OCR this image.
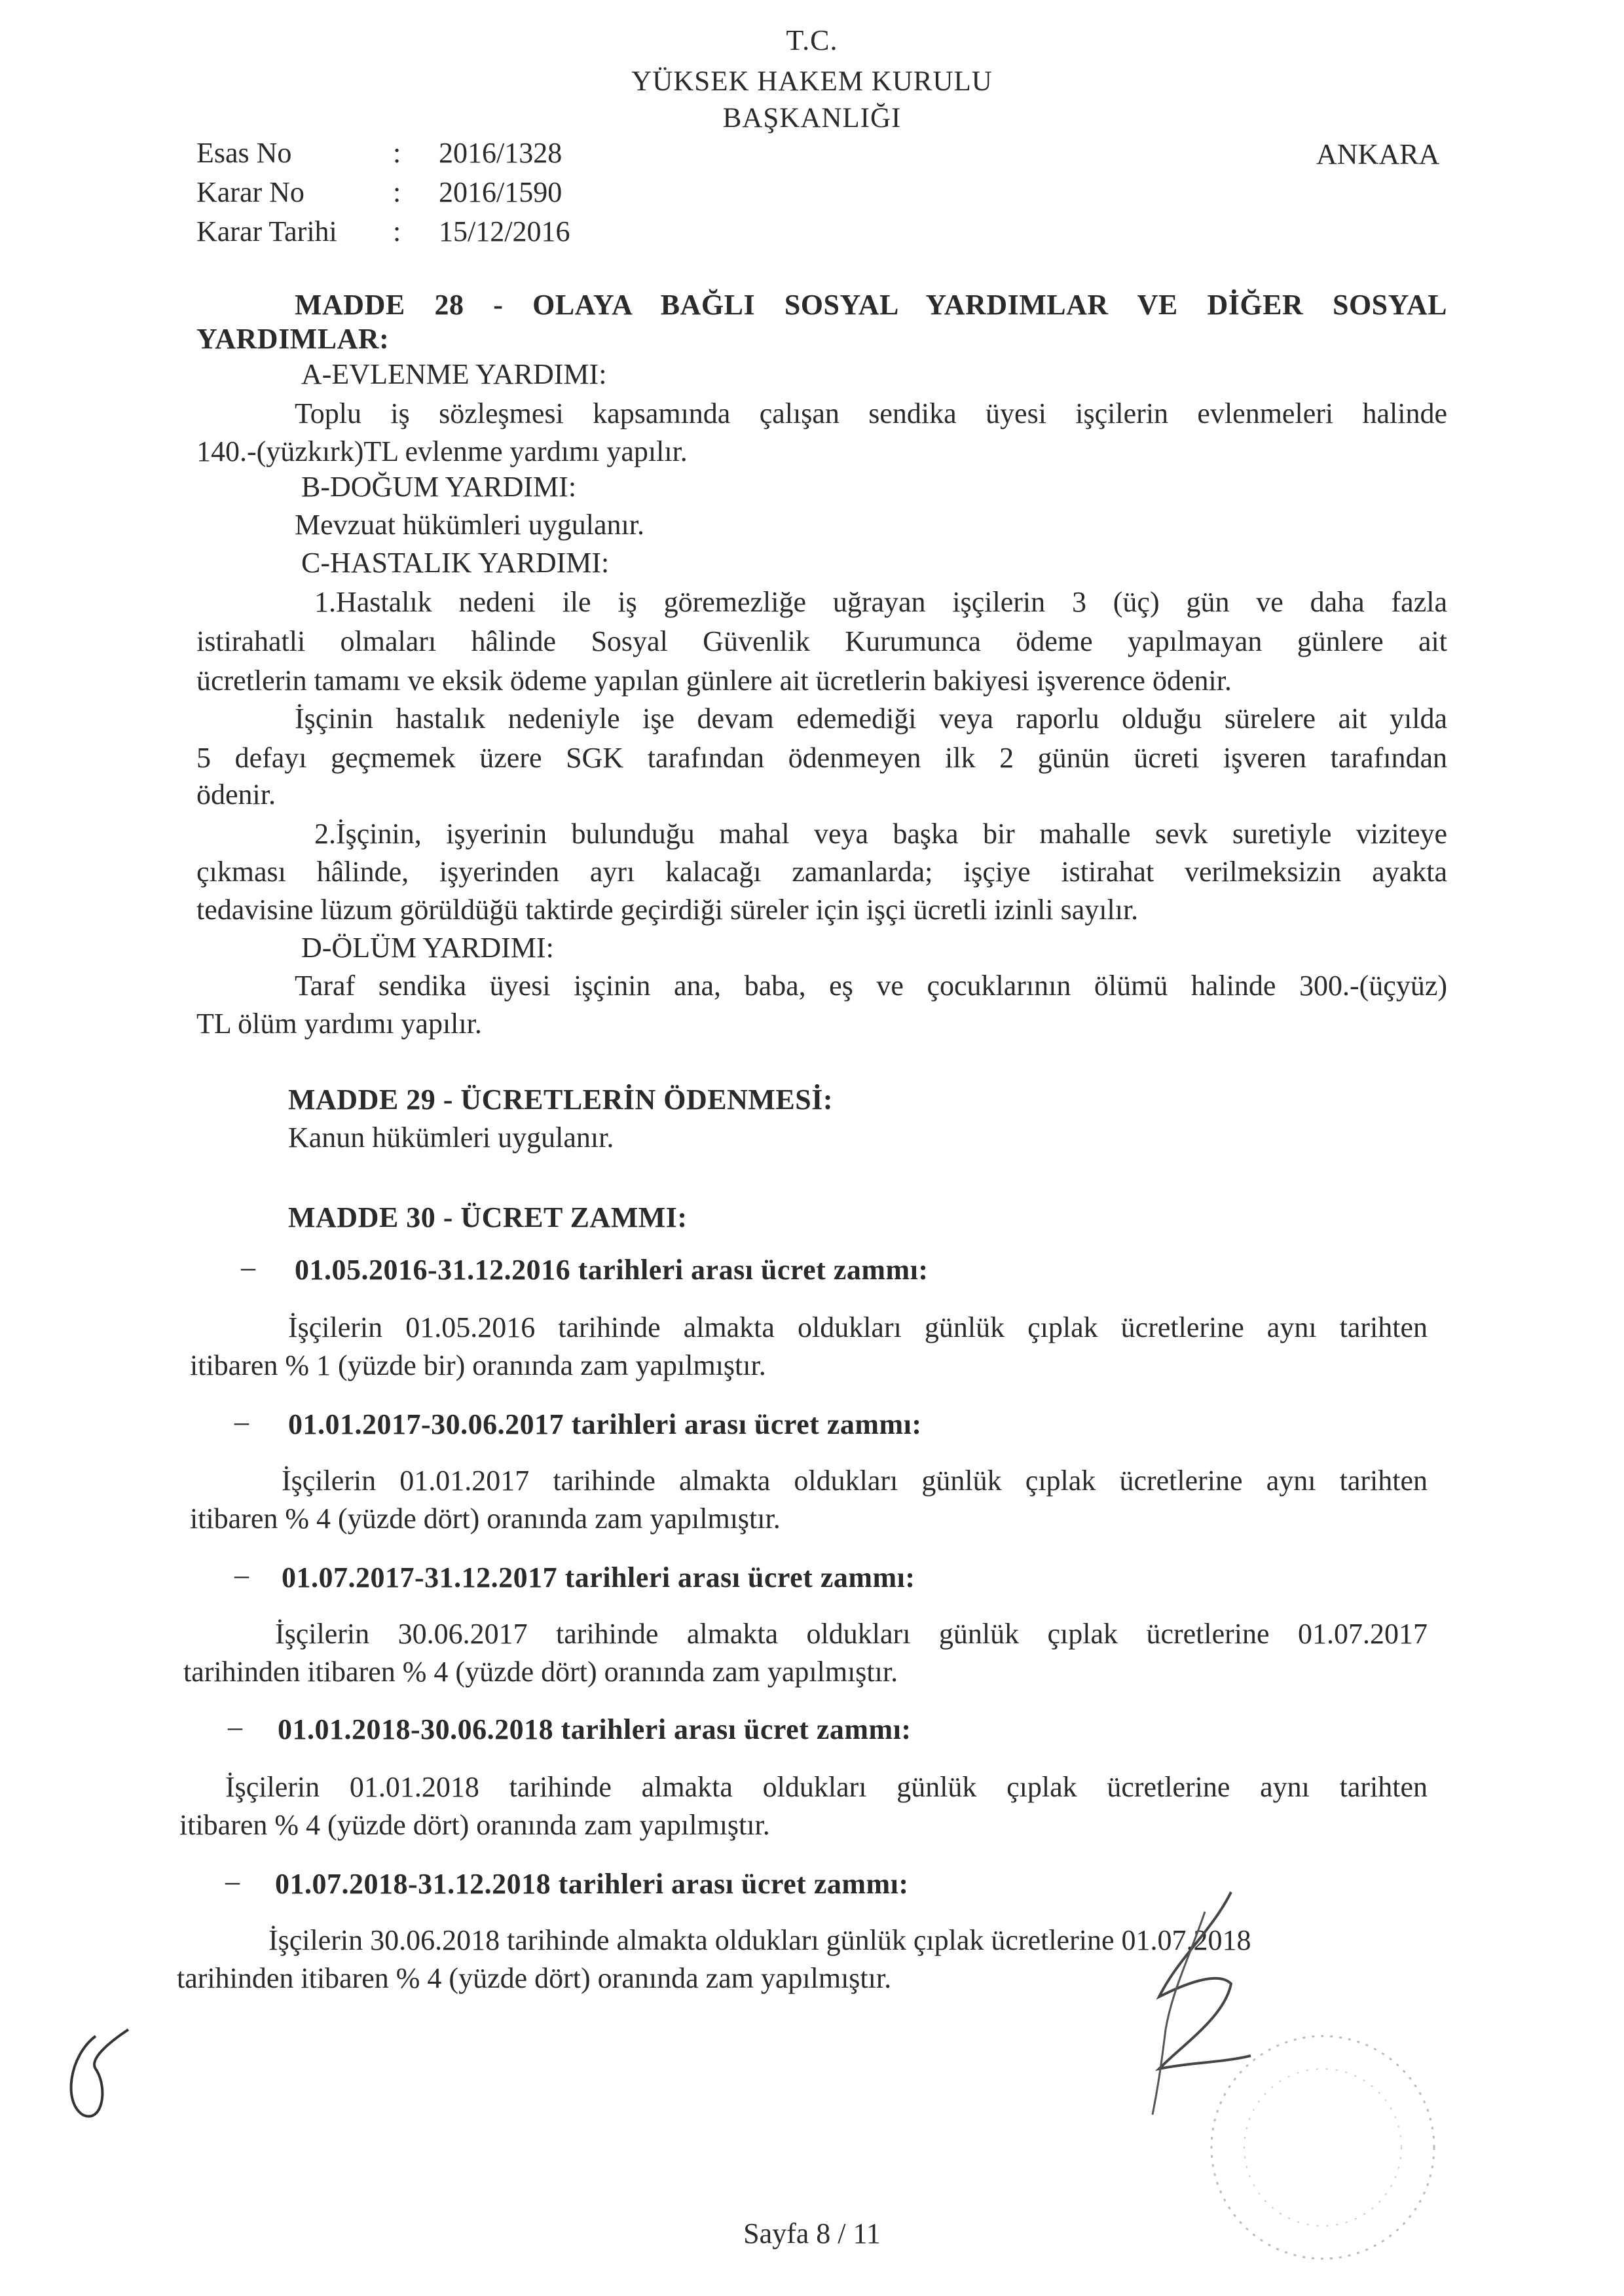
T.C.
YÜKSEK HAKEM KURULU
BAŞKANLIĞI
ANKARA
Esas No	:	2016/1328
Karar No	:	2016/1590
Karar Tarihi	:	15/12/2016
MADDE 28 - OLAYA BAĞLI SOSYAL YARDIMLAR VE DİĞER SOSYAL
YARDIMLAR:
A-EVLENME YARDIMI:
Toplu iş sözleşmesi kapsamında çalışan sendika üyesi işçilerin evlenmeleri halinde
140.-(yüzkırk)TL evlenme yardımı yapılır.
B-DOĞUM YARDIMI:
Mevzuat hükümleri uygulanır.
C-HASTALIK YARDIMI:
1.Hastalık nedeni ile iş göremezliğe uğrayan işçilerin 3 (üç) gün ve daha fazla
istirahatli olmaları hâlinde Sosyal Güvenlik Kurumunca ödeme yapılmayan günlere ait
ücretlerin tamamı ve eksik ödeme yapılan günlere ait ücretlerin bakiyesi işverence ödenir.
İşçinin hastalık nedeniyle işe devam edemediği veya raporlu olduğu sürelere ait yılda
5 defayı geçmemek üzere SGK tarafından ödenmeyen ilk 2 günün ücreti işveren tarafından
ödenir.
2.İşçinin, işyerinin bulunduğu mahal veya başka bir mahalle sevk suretiyle viziteye
çıkması hâlinde, işyerinden ayrı kalacağı zamanlarda; işçiye istirahat verilmeksizin ayakta
tedavisine lüzum görüldüğü taktirde geçirdiği süreler için işçi ücretli izinli sayılır.
D-ÖLÜM YARDIMI:
Taraf sendika üyesi işçinin ana, baba, eş ve çocuklarının ölümü halinde 300.-(üçyüz)
TL ölüm yardımı yapılır.
MADDE 29 - ÜCRETLERİN ÖDENMESİ:
Kanun hükümleri uygulanır.
MADDE 30 - ÜCRET ZAMMI:
– 01.05.2016-31.12.2016 tarihleri arası ücret zammı:
İşçilerin 01.05.2016 tarihinde almakta oldukları günlük çıplak ücretlerine aynı tarihten
itibaren % 1 (yüzde bir) oranında zam yapılmıştır.
– 01.01.2017-30.06.2017 tarihleri arası ücret zammı:
İşçilerin 01.01.2017 tarihinde almakta oldukları günlük çıplak ücretlerine aynı tarihten
itibaren % 4 (yüzde dört) oranında zam yapılmıştır.
– 01.07.2017-31.12.2017 tarihleri arası ücret zammı:
İşçilerin 30.06.2017 tarihinde almakta oldukları günlük çıplak ücretlerine 01.07.2017
tarihinden itibaren % 4 (yüzde dört) oranında zam yapılmıştır.
– 01.01.2018-30.06.2018 tarihleri arası ücret zammı:
İşçilerin 01.01.2018 tarihinde almakta oldukları günlük çıplak ücretlerine aynı tarihten
itibaren % 4 (yüzde dört) oranında zam yapılmıştır.
– 01.07.2018-31.12.2018 tarihleri arası ücret zammı:
İşçilerin 30.06.2018 tarihinde almakta oldukları günlük çıplak ücretlerine 01.07.2018
tarihinden itibaren % 4 (yüzde dört) oranında zam yapılmıştır.
Sayfa 8 / 11
